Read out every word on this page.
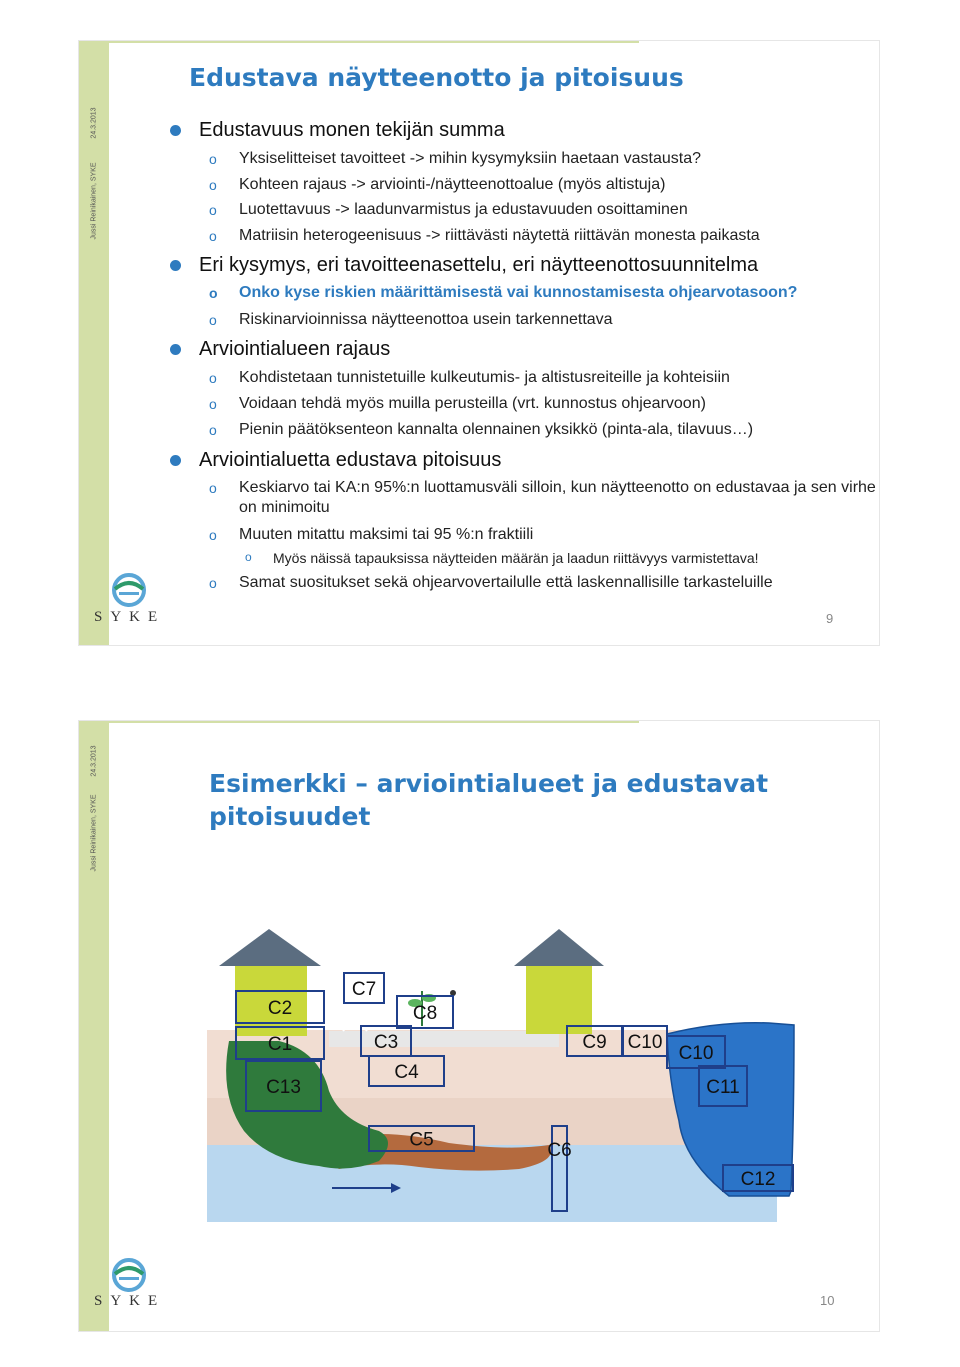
24.3.2013
Jussi Reinikainen, SYKE
Edustava näytteenotto ja pitoisuus
Edustavuus monen tekijän summa
o Yksiselitteiset tavoitteet -> mihin kysymyksiin haetaan vastausta?
o Kohteen rajaus -> arviointi-/näytteenottoalue (myös altistuja)
o Luotettavuus -> laadunvarmistus ja edustavuuden osoittaminen
o Matriisin heterogeenisuus -> riittävästi näytettä riittävän monesta paikasta
Eri kysymys, eri tavoitteenasettelu, eri näytteenottosuunnitelma
o Onko kyse riskien määrittämisestä vai kunnostamisesta ohjearvotasoon?
o Riskinarvioinnissa näytteenottoa usein tarkennettava
Arviointialueen rajaus
o Kohdistetaan tunnistetuille kulkeutumis- ja altistusreiteille ja kohteisiin
o Voidaan tehdä myös muilla perusteilla (vrt. kunnostus ohjearvoon)
o Pienin päätöksenteon kannalta olennainen yksikkö (pinta-ala, tilavuus…)
Arviointialuetta edustava pitoisuus
o Keskiarvo tai KA:n 95%:n luottamusväli silloin, kun näytteenotto on edustavaa ja sen virhe on minimoitu
o Muuten mitattu maksimi tai 95 %:n fraktiili
o Myös näissä tapauksissa näytteiden määrän ja laadun riittävyys varmistettava!
o Samat suositukset sekä ohjearvovertailulle että laskennallisille tarkasteluille
SYKE	9
24.3.2013
Jussi Reinikainen, SYKE
Esimerkki – arviointialueet ja edustavat
pitoisuudet
C2
C1
C13
C7
C8
C3
C4
C5	C6
C9 C10
C10
C11
C12
SYKE	10
